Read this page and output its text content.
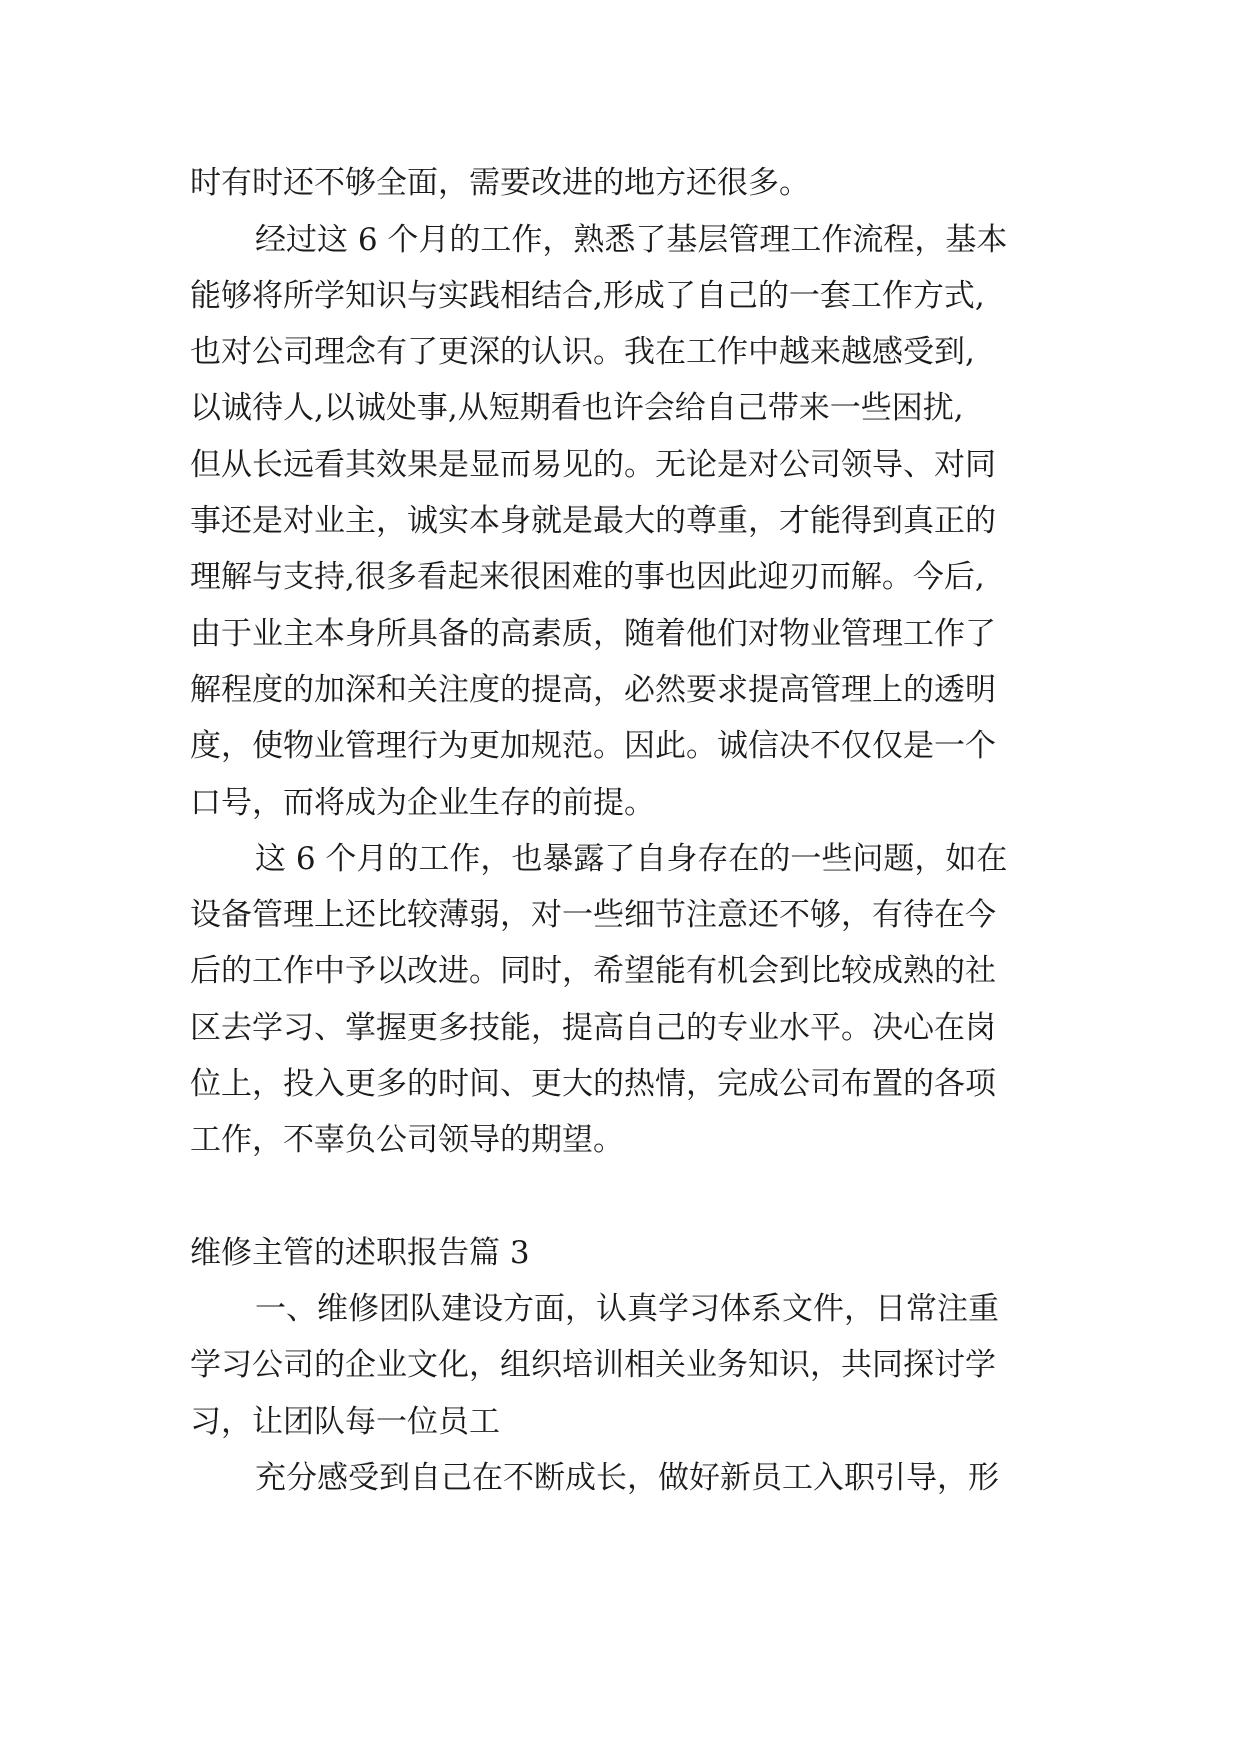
时有时还不够全面，需要改进的地方还很多。
经过这 6 个月的工作，熟悉了基层管理工作流程，基本
能够将所学知识与实践相结合,形成了自己的一套工作方式,
也对公司理念有了更深的认识。我在工作中越来越感受到,
以诚待人,以诚处事,从短期看也许会给自己带来一些困扰,
但从长远看其效果是显而易见的。无论是对公司领导、对同
事还是对业主，诚实本身就是最大的尊重，才能得到真正的
理解与支持,很多看起来很困难的事也因此迎刃而解。今后,
由于业主本身所具备的高素质，随着他们对物业管理工作了
解程度的加深和关注度的提高，必然要求提高管理上的透明
度，使物业管理行为更加规范。因此。诚信决不仅仅是一个
口号，而将成为企业生存的前提。
这 6 个月的工作，也暴露了自身存在的一些问题，如在
设备管理上还比较薄弱，对一些细节注意还不够，有待在今
后的工作中予以改进。同时，希望能有机会到比较成熟的社
区去学习、掌握更多技能，提高自己的专业水平。决心在岗
位上，投入更多的时间、更大的热情，完成公司布置的各项
工作，不辜负公司领导的期望。
维修主管的述职报告篇 3
一、维修团队建设方面，认真学习体系文件，日常注重
学习公司的企业文化，组织培训相关业务知识，共同探讨学
习，让团队每一位员工
充分感受到自己在不断成长，做好新员工入职引导，形
